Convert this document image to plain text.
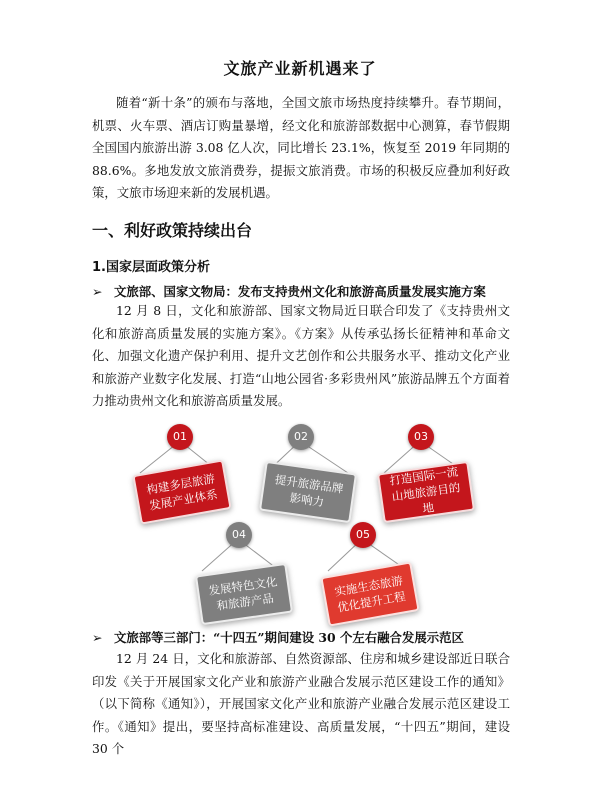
文旅产业新机遇来了

随着“新十条”的颁布与落地，全国文旅市场热度持续攀升。春节期间，机票、火车票、酒店订购量暴增，经文化和旅游部数据中心测算，春节假期全国国内旅游出游 3.08 亿人次，同比增长 23.1%，恢复至 2019 年同期的 88.6%。多地发放文旅消费券，提振文旅消费。市场的积极反应叠加利好政策，文旅市场迎来新的发展机遇。

一、利好政策持续出台
1.国家层面政策分析
➢ 文旅部、国家文物局：发布支持贵州文化和旅游高质量发展实施方案

12 月 8 日，文化和旅游部、国家文物局近日联合印发了《支持贵州文化和旅游高质量发展的实施方案》。《方案》从传承弘扬长征精神和革命文化、加强文化遗产保护利用、提升文艺创作和公共服务水平、推动文化产业和旅游产业数字化发展、打造“山地公园省·多彩贵州风”旅游品牌五个方面着力推动贵州文化和旅游高质量发展。

01
构建多层旅游发展产业体系
02
提升旅游品牌影响力
03
打造国际一流山地旅游目的地
04
发展特色文化和旅游产品
05
实施生态旅游优化提升工程
➢ 文旅部等三部门：“十四五”期间建设 30 个左右融合发展示范区

12 月 24 日，文化和旅游部、自然资源部、住房和城乡建设部近日联合印发《关于开展国家文化产业和旅游产业融合发展示范区建设工作的通知》（以下简称《通知》），开展国家文化产业和旅游产业融合发展示范区建设工作。《通知》提出，要坚持高标准建设、高质量发展，“十四五”期间，建设 30 个
